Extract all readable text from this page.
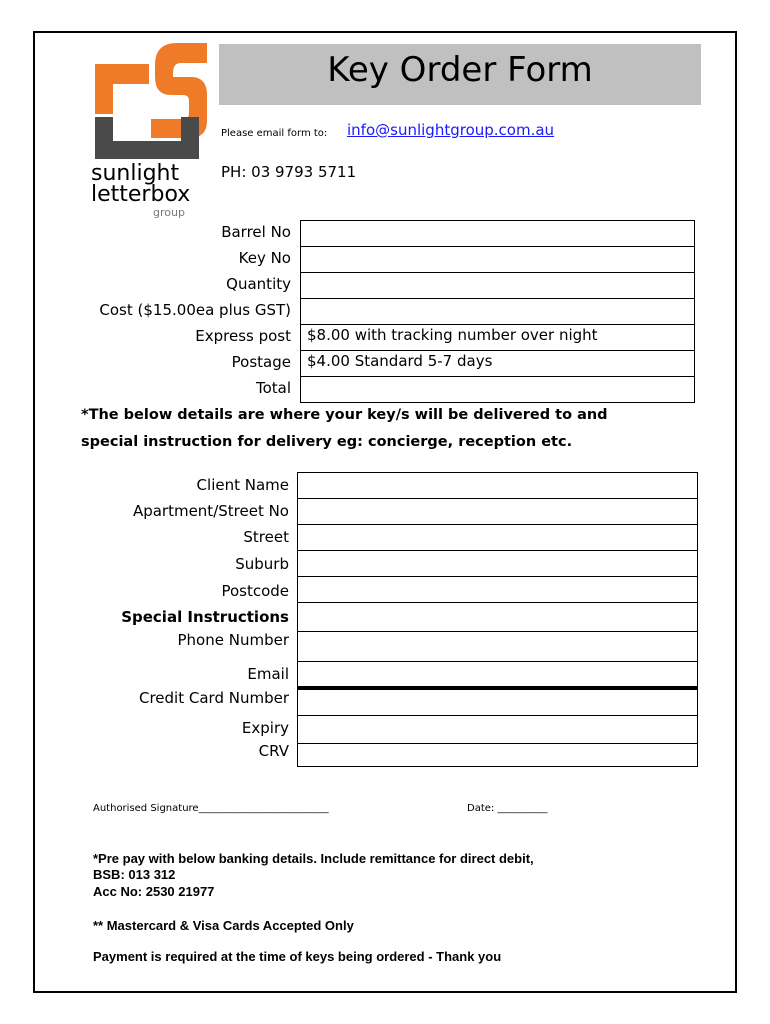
sunlight
letterbox
group
Key Order Form
Please email form to: info@sunlightgroup.com.au
PH: 03 9793 5711
Barrel No
Key No
Quantity
Cost ($15.00ea plus GST)
Express post $8.00 with tracking number over night
Postage $4.00 Standard 5-7 days
Total
*The below details are where your key/s will be delivered to and
special instruction for delivery eg: concierge, reception etc.
Client Name
Apartment/Street No
Street
Suburb
Postcode
Special Instructions
Phone Number
Email
Credit Card Number
Expiry
CRV
Authorised Signature__________________________	Date: __________
*Pre pay with below banking details. Include remittance for direct debit,
BSB: 013 312
Acc No: 2530 21977
** Mastercard & Visa Cards Accepted Only
Payment is required at the time of keys being ordered - Thank you
